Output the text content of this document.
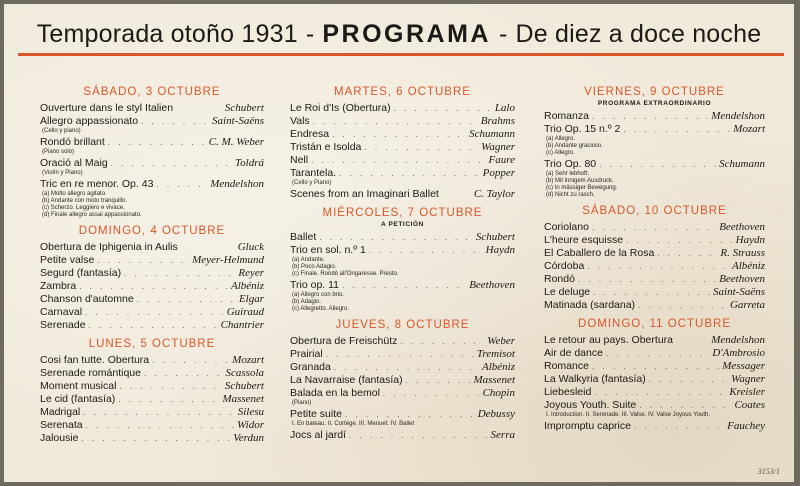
Temporada otoño 1931 - PROGRAMA - De diez a doce noche
SÁBADO, 3 OCTUBRE
Ouverture dans le styl Italien	Schubert
Allegro appassionato . . .	Saint-Saëns
(Cello y piano)
Rondó brillant . . .	C. M. Weber
(Piano solo)
Oració al Maig . . .	Toldrá
(Violín y Piano)
Tric en re menor. Op. 43 . . .	Mendelshon
(a) Molto allegro agitato.
(b) Andante con moto tranquillo.
(c) Scherzo. Leggiero e vivace.
(d) Finale allegro assai appassionato.
DOMINGO, 4 OCTUBRE
Obertura de Iphigenia in Aulis	Gluck
Petite valse . . .	Meyer-Helmund
Segurd (fantasía) . . .	Reyer
Zambra . . .	Albéniz
Chanson d'automne . . .	Elgar
Carnaval . . .	Guiraud
Serenade . . .	Chantrier
LUNES, 5 OCTUBRE
Cosi fan tutte. Obertura . . .	Mozart
Serenade romántique . . .	Scassola
Moment musical . . .	Schubert
Le cid (fantasía) . . .	Massenet
Madrigal . . .	Silesu
Serenata . . .	Widor
Jalousie . . .	Verdun
MARTES, 6 OCTUBRE
Le Roi d'Is (Obertura) . . .	Lalo
Vals . . .	Brahms
Endresa . . .	Schumann
Tristán e Isolda . . .	Wagner
Nell . . .	Faure
Tarantela. . . .	Popper
(Cello y Piano)
Scenes from an Imaginari Ballet	C. Taylor
MIÉRCOLES, 7 OCTUBRE
A PETICIÓN
Ballet . . .	Schubert
Trio en sol. n.º 1 . . .	Haydn
(a) Andante.
(b) Poco Adagio.
(c) Finale. Rondó all'Ongaresse. Presto.
Trio op. 11 . . .	Beethoven
(a) Allegro con brio.
(b) Adagio.
(c) Allegretto. Allegro.
JUEVES, 8 OCTUBRE
Obertura de Freischütz . . .	Weber
Prairial . . .	Tremisot
Granada . . .	Albéniz
La Navarraise (fantasía) . . .	Massenet
Balada en la bemol . . .	Chopin
(Piano)
Petite suite . . .	Debussy
I. En bateau. II. Cortège. III. Menuet. IV. Ballet
Jocs al jardí . . .	Serra
VIERNES, 9 OCTUBRE
PROGRAMA EXTRAORDINARIO
Romanza . . .	Mendelshon
Trio Op. 15 n.º 2 . . .	Mozart
(a) Allegro.
(b) Andante gracioso.
(c) Allegro.
Trio Op. 80 . . .	Schumann
(a) Sehr lebhoft.
(b) Mit innigem Ausdruck.
(c) In mässiger Bewegung.
(d) Nicht zu rasch.
SÁBADO, 10 OCTUBRE
Coriolano . . .	Beethoven
L'heure esquisse . . .	Haydn
El Caballero de la Rosa . . .	R. Strauss
Córdoba . . .	Albéniz
Rondó . . .	Beethoven
Le deluge . . .	Saint-Saëns
Matinada (sardana) . . .	Garreta
DOMINGO, 11 OCTUBRE
Le retour au pays. Obertura	Mendelshon
Air de dance . . .	D'Ambrosio
Romance . . .	Messager
La Walkyria (fantasía) . . .	Wagner
Liebesleid . . .	Kreisler
Joyous Youth. Suite . . .	Coates
I. Introduction. II. Serenade. III. Valse. IV. Valse Joyous Youth.
Impromptu caprice . . .	Fauchey
3153/1
